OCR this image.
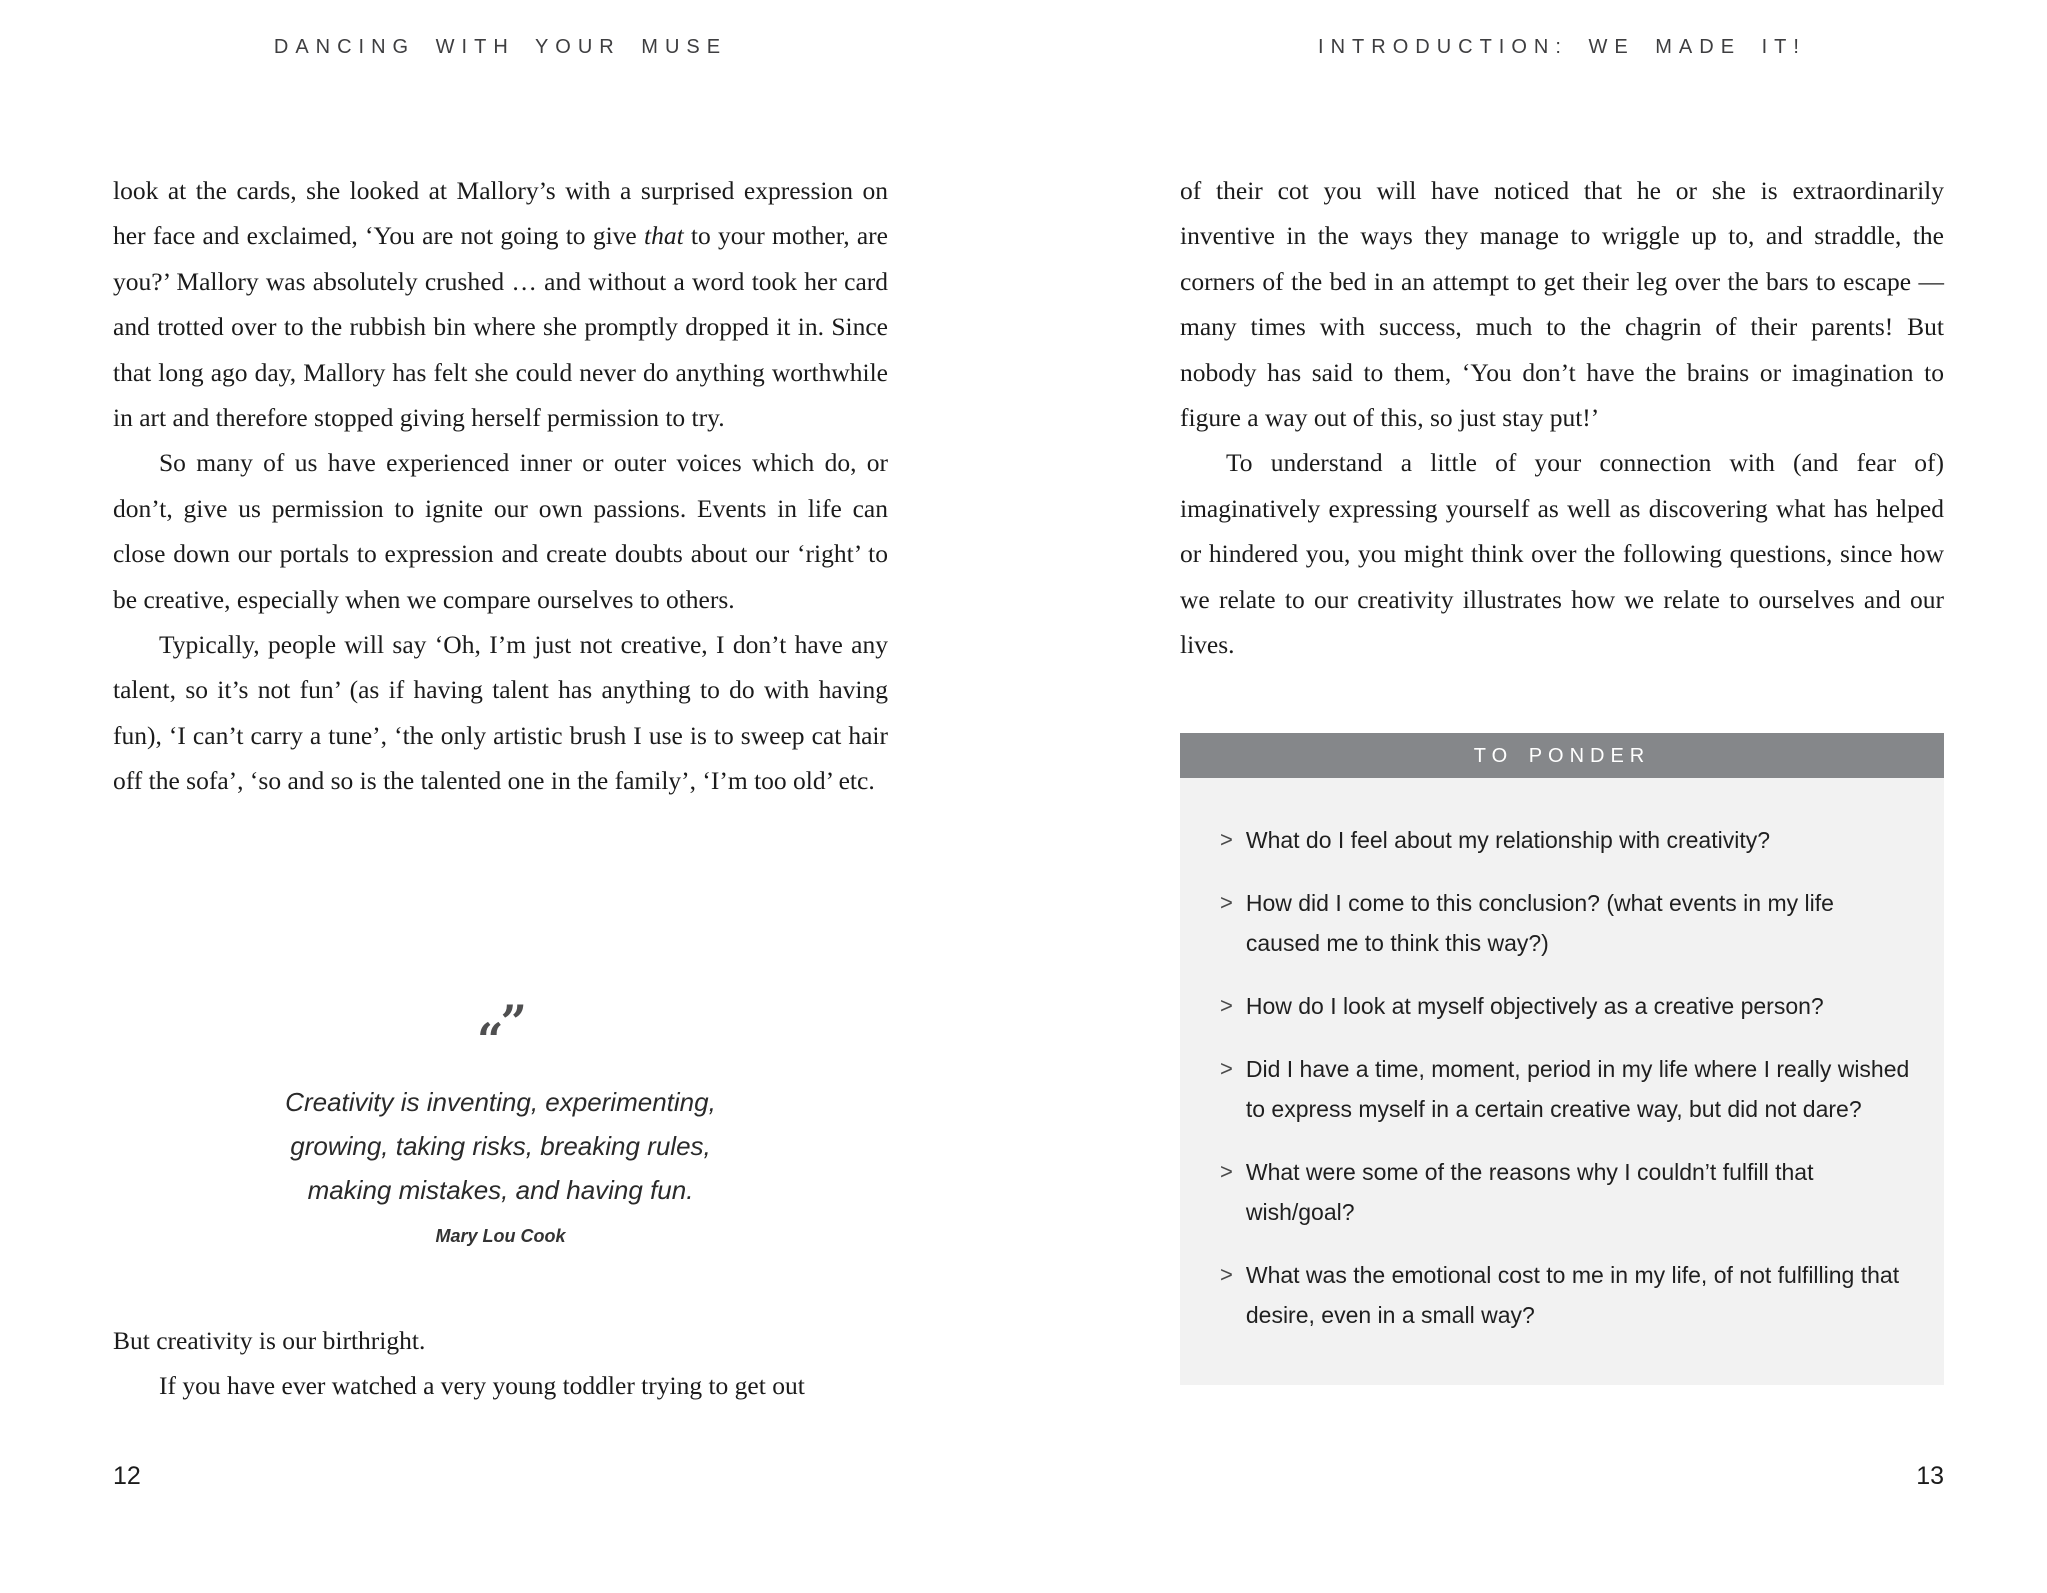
DANCING WITH YOUR MUSE

look at the cards, she looked at Mallory’s with a surprised expression on her face and exclaimed, ‘You are not going to give that to your mother, are you?’ Mallory was absolutely crushed … and without a word took her card and trotted over to the rubbish bin where she promptly dropped it in. Since that long ago day, Mallory has felt she could never do anything worthwhile in art and therefore stopped giving herself permission to try.

So many of us have experienced inner or outer voices which do, or don’t, give us permission to ignite our own passions. Events in life can close down our portals to expression and create doubts about our ‘right’ to be creative, especially when we compare ourselves to others.

Typically, people will say ‘Oh, I’m just not creative, I don’t have any talent, so it’s not fun’ (as if having talent has anything to do with having fun), ‘I can’t carry a tune’, ‘the only artistic brush I use is to sweep cat hair off the sofa’, ‘so and so is the talented one in the family’, ‘I’m too old’ etc.

“”
Creativity is inventing, experimenting, growing, taking risks, breaking rules, making mistakes, and having fun.
Mary Lou Cook

But creativity is our birthright.

If you have ever watched a very young toddler trying to get out

12
INTRODUCTION: WE MADE IT!

of their cot you will have noticed that he or she is extraordinarily inventive in the ways they manage to wriggle up to, and straddle, the corners of the bed in an attempt to get their leg over the bars to escape — many times with success, much to the chagrin of their parents! But nobody has said to them, ‘You don’t have the brains or imagination to figure a way out of this, so just stay put!’

To understand a little of your connection with (and fear of) imaginatively expressing yourself as well as discovering what has helped or hindered you, you might think over the following questions, since how we relate to our creativity illustrates how we relate to ourselves and our lives.

TO PONDER
> What do I feel about my relationship with creativity?
> How did I come to this conclusion? (what events in my life caused me to think this way?)
> How do I look at myself objectively as a creative person?
> Did I have a time, moment, period in my life where I really wished to express myself in a certain creative way, but did not dare?
> What were some of the reasons why I couldn’t fulfill that wish/goal?
> What was the emotional cost to me in my life, of not fulfilling that desire, even in a small way?
13
